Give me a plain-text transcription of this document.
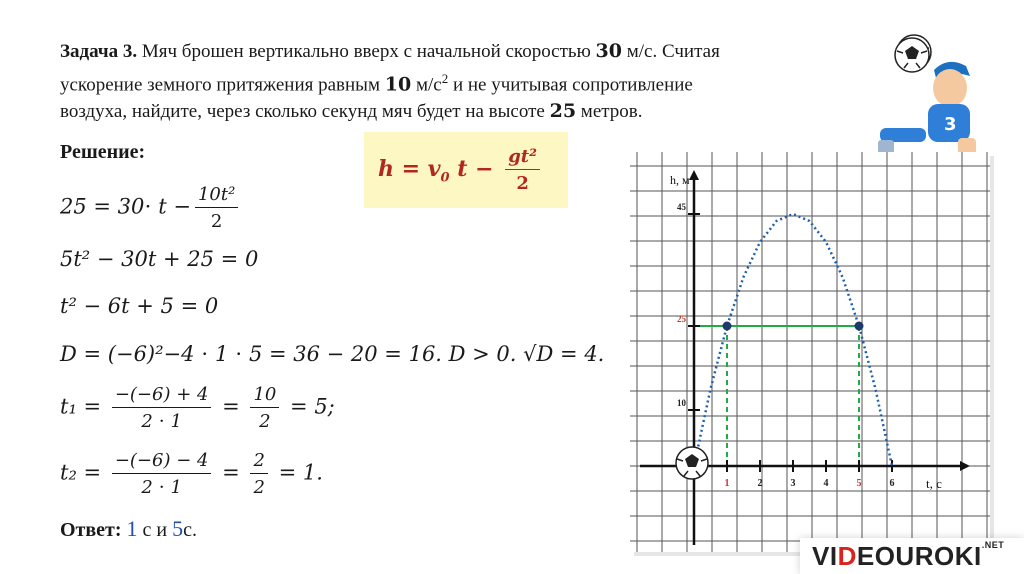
Задача 3. Мяч брошен вертикально вверх с начальной скоростью 30 м/с. Считая
ускорение земного притяжения равным 10 $м/с^2$ и не учитывая сопротивление
воздуха, найдите, через сколько секунд мяч будет на высоте 25 метров.
3
Решение:
$25 = 30\cdot t - \frac{\text{10t²}}{2}$
5t² − 30t + 25 = 0
t² − 6t + 5 = 0
D = (−6)²−4 ⋅ 1 ⋅ 5 = 36 − 20 = 16. D > 0. √D = 4.
$t_1 = \frac{-(-6) + 4}{2 \cdot 1} = \frac{10}{2} = 5$;
$t_2 = \frac{-(-6) - 4}{2 \cdot 1} = \frac{2}{2} = 1$.
$h = v_0$ $t - \frac{\text{gt²}}{2}$
Ответ: 1 с и 5с.
1	2	3	4	5	6
10
25
45
h, м
t, с
$VIDEOUROKI^{.NET}$
